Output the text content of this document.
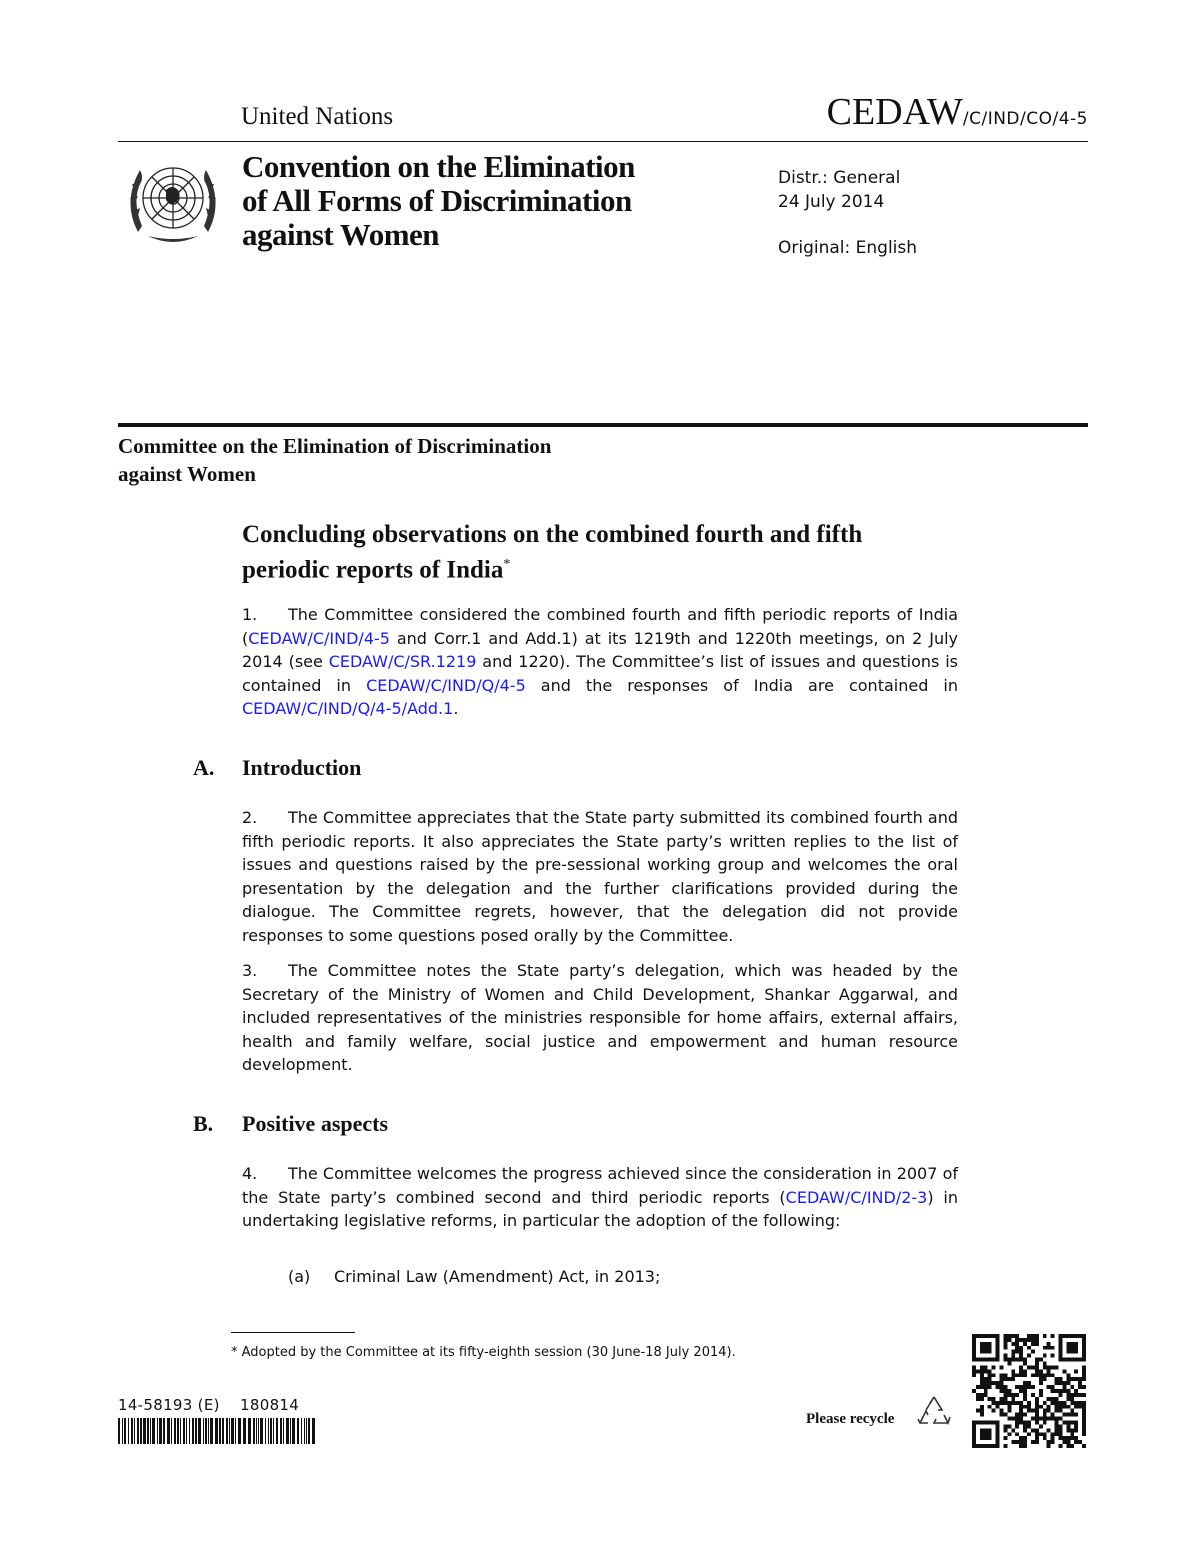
United Nations	CEDAW/C/IND/CO/4-5
Convention on the Elimination
of All Forms of Discrimination
against Women
Distr.: General
24 July 2014
Original: English
Committee on the Elimination of Discrimination
against Women
Concluding observations on the combined fourth and fifth
periodic reports of India*
1. The Committee considered the combined fourth and fifth periodic reports of India (CEDAW/C/IND/4-5 and Corr.1 and Add.1) at its 1219th and 1220th meetings, on 2 July 2014 (see CEDAW/C/SR.1219 and 1220). The Committee’s list of issues and questions is contained in CEDAW/C/IND/Q/4-5 and the responses of India are contained in CEDAW/C/IND/Q/4-5/Add.1.
A. Introduction
2. The Committee appreciates that the State party submitted its combined fourth and fifth periodic reports. It also appreciates the State party’s written replies to the list of issues and questions raised by the pre-sessional working group and welcomes the oral presentation by the delegation and the further clarifications provided during the dialogue. The Committee regrets, however, that the delegation did not provide responses to some questions posed orally by the Committee.
3. The Committee notes the State party’s delegation, which was headed by the Secretary of the Ministry of Women and Child Development, Shankar Aggarwal, and included representatives of the ministries responsible for home affairs, external affairs, health and family welfare, social justice and empowerment and human resource development.
B. Positive aspects
4. The Committee welcomes the progress achieved since the consideration in 2007 of the State party’s combined second and third periodic reports (CEDAW/C/IND/2-3) in undertaking legislative reforms, in particular the adoption of the following:
(a) Criminal Law (Amendment) Act, in 2013;
* Adopted by the Committee at its fifty-eighth session (30 June-18 July 2014).
14-58193 (E)    180814
Please recycle
